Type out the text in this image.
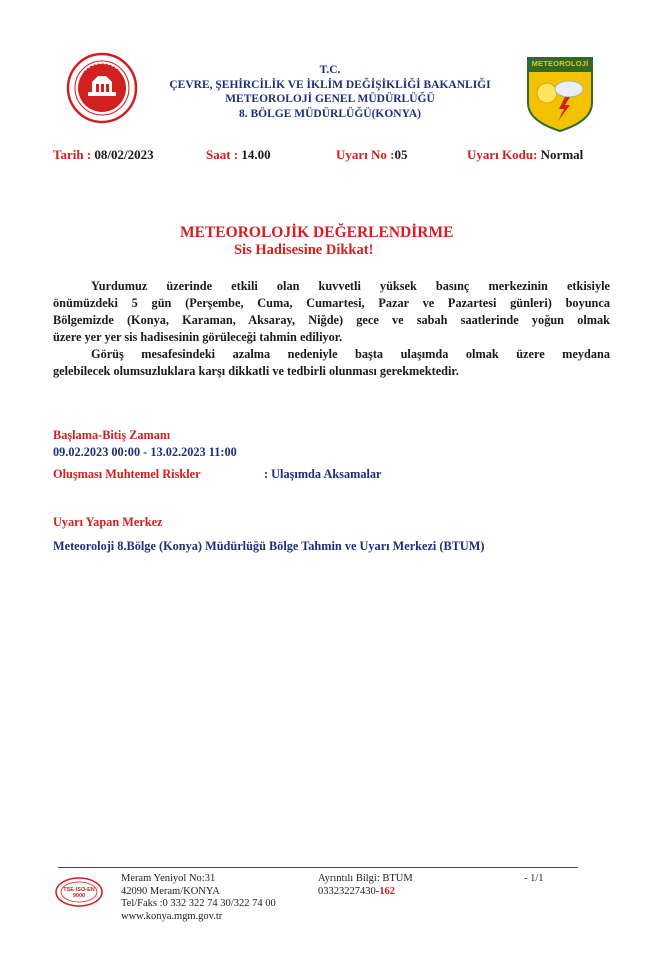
T.C.
ÇEVRE, ŞEHİRCİLİK VE İKLİM DEĞİŞİKLİĞİ BAKANLIĞI
METEOROLOJİ GENEL MÜDÜRLÜĞÜ
8. BÖLGE MÜDÜRLÜĞÜ(KONYA)
METEOROLOJİ
Tarih : 08/02/2023	Saat : 14.00	Uyarı No :05	Uyarı Kodu: Normal
METEOROLOJİK DEĞERLENDİRME
Sis Hadisesine Dikkat!
Yurdumuz üzerinde etkili olan kuvvetli yüksek basınç merkezinin etkisiyle
önümüzdeki 5 gün (Perşembe, Cuma, Cumartesi, Pazar ve Pazartesi günleri) boyunca
Bölgemizde (Konya, Karaman, Aksaray, Niğde) gece ve sabah saatlerinde yoğun olmak
üzere yer yer sis hadisesinin görüleceği tahmin ediliyor.
Görüş mesafesindeki azalma nedeniyle başta ulaşımda olmak üzere meydana
gelebilecek olumsuzluklara karşı dikkatli ve tedbirli olunması gerekmektedir.
Başlama-Bitiş Zamanı
09.02.2023 00:00 - 13.02.2023 11:00
Oluşması Muhtemel Riskler	: Ulaşımda Aksamalar
Uyarı Yapan Merkez
Meteoroloji 8.Bölge (Konya) Müdürlüğü Bölge Tahmin ve Uyarı Merkezi (BTUM)
TSE-ISO-EN 9000
Meram Yeniyol No:31
42090 Meram/KONYA
Tel/Faks :0 332 322 74 30/322 74 00
www.konya.mgm.gov.tr
Ayrıntılı Bilgi: BTUM
03323227430-162
- 1/1
